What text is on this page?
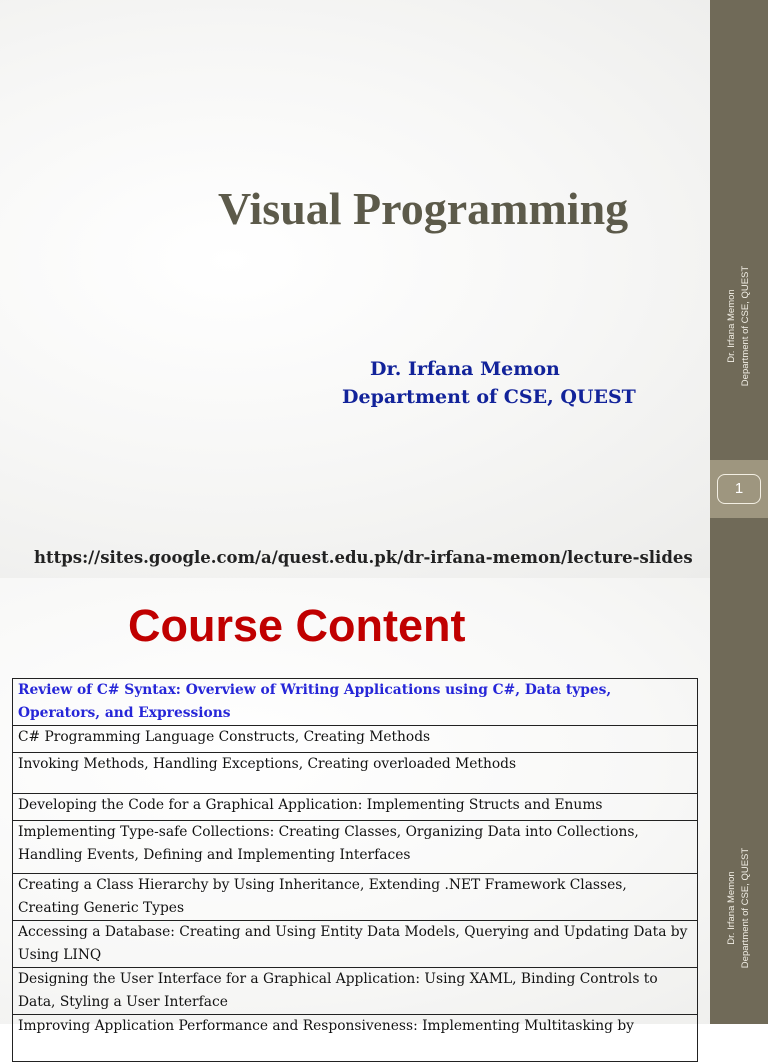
Visual Programming
Dr. Irfana Memon
Department of CSE, QUEST
https://sites.google.com/a/quest.edu.pk/dr-irfana-memon/lecture-slides
Dr. Irfana Memon Department of CSE, QUEST
1
Course Content
Review of C# Syntax: Overview of Writing Applications using C#, Data types, Operators, and Expressions
C# Programming Language Constructs, Creating Methods
Invoking Methods, Handling Exceptions, Creating overloaded Methods
Developing the Code for a Graphical Application: Implementing Structs and Enums
Implementing Type-safe Collections: Creating Classes, Organizing Data into Collections, Handling Events, Defining and Implementing Interfaces
Creating a Class Hierarchy by Using Inheritance, Extending .NET Framework Classes, Creating Generic Types
Accessing a Database: Creating and Using Entity Data Models, Querying and Updating Data by Using LINQ
Designing the User Interface for a Graphical Application: Using XAML, Binding Controls to Data, Styling a User Interface
Improving Application Performance and Responsiveness: Implementing Multitasking by
Dr. Irfana Memon Department of CSE, QUEST
